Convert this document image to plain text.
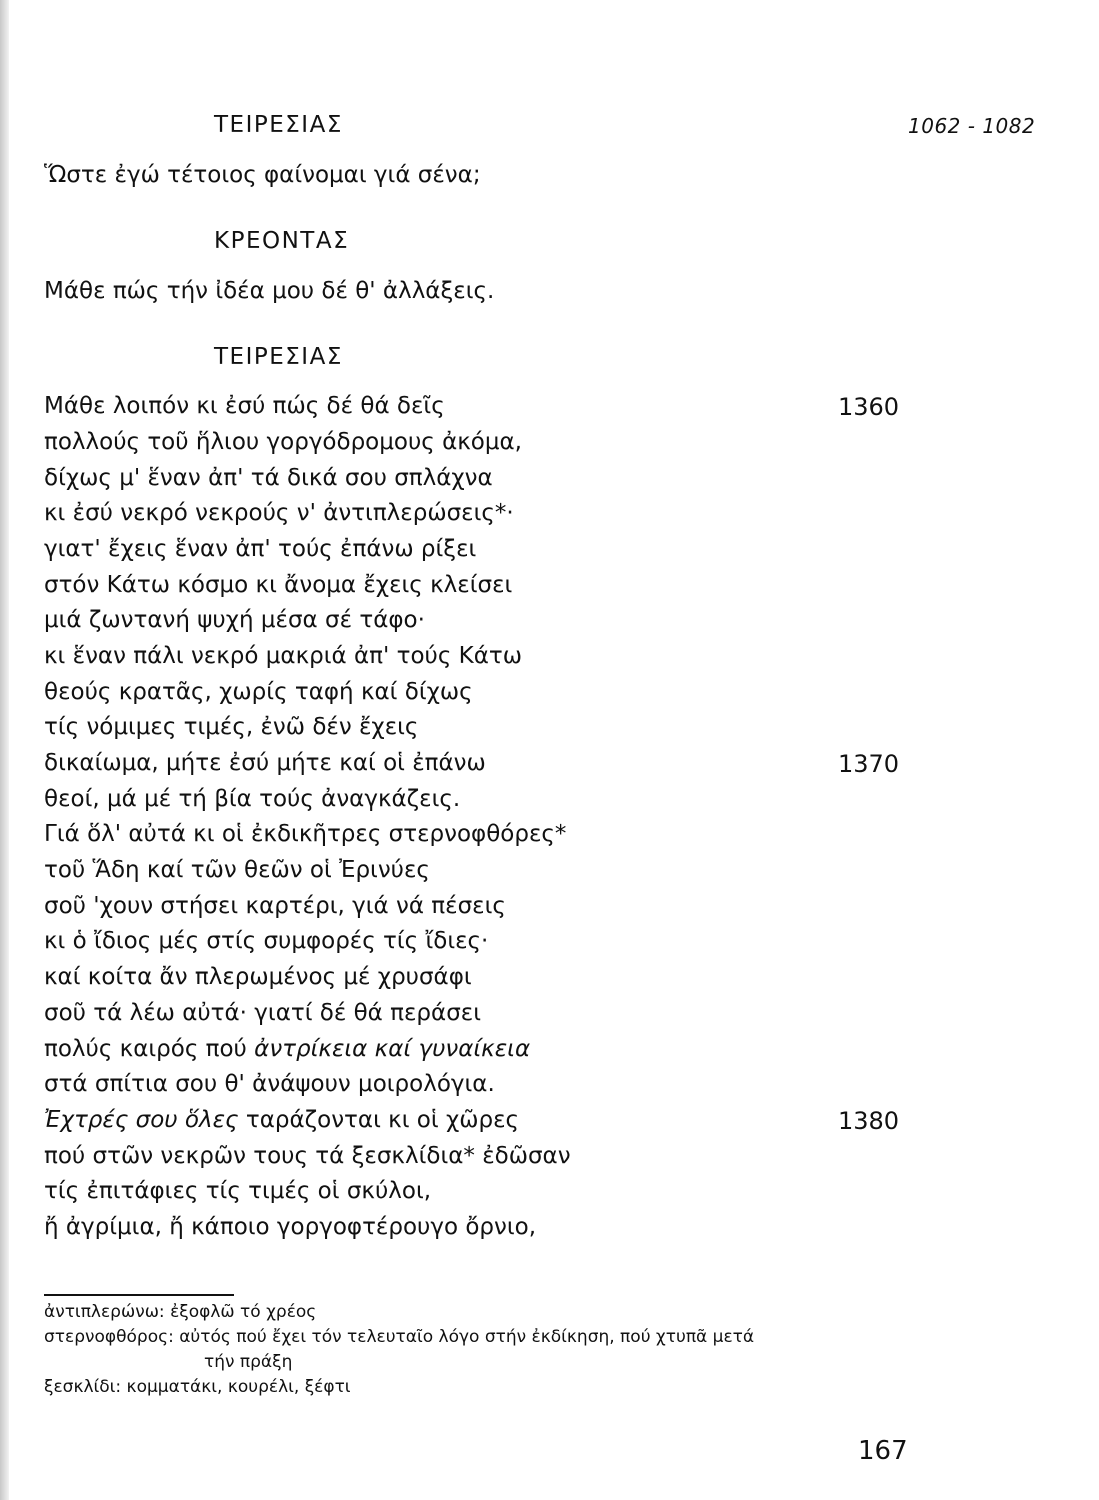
1062 - 1082
ΤΕΙΡΕΣΙΑΣ
ΚΡΕΟΝΤΑΣ
ΤΕΙΡΕΣΙΑΣ
Ὥστε ἐγώ τέτοιος φαίνομαι γιά σένα;
Μάθε πώς τήν ἰδέα μου δέ θ' ἀλλάξεις.
Μάθε λοιπόν κι ἐσύ πώς δέ θά δεῖς	1360
πολλούς τοῦ ἥλιου γοργόδρομους ἀκόμα,
δίχως μ' ἕναν ἀπ' τά δικά σου σπλάχνα
κι ἐσύ νεκρό νεκρούς ν' ἀντιπλερώσεις*·
γιατ' ἔχεις ἕναν ἀπ' τούς ἐπάνω ρίξει
στόν Κάτω κόσμο κι ἄνομα ἔχεις κλείσει
μιά ζωντανή ψυχή μέσα σέ τάφο·
κι ἕναν πάλι νεκρό μακριά ἀπ' τούς Κάτω
θεούς κρατᾶς, χωρίς ταφή καί δίχως
τίς νόμιμες τιμές, ἐνῶ δέν ἔχεις
δικαίωμα, μήτε ἐσύ μήτε καί οἱ ἐπάνω	1370
θεοί, μά μέ τή βία τούς ἀναγκάζεις.
Γιά ὅλ' αὐτά κι οἱ ἐκδικῆτρες στερνοφθόρες*
τοῦ Ἅδη καί τῶν θεῶν οἱ Ἐρινύες
σοῦ 'χουν στήσει καρτέρι, γιά νά πέσεις
κι ὁ ἴδιος μές στίς συμφορές τίς ἴδιες·
καί κοίτα ἄν πλερωμένος μέ χρυσάφι
σοῦ τά λέω αὐτά· γιατί δέ θά περάσει
πολύς καιρός πού ἀντρίκεια καί γυναίκεια
στά σπίτια σου θ' ἀνάψουν μοιρολόγια.
Ἐχτρές σου ὅλες ταράζονται κι οἱ χῶρες	1380
πού στῶν νεκρῶν τους τά ξεσκλίδια* ἐδῶσαν
τίς ἐπιτάφιες τίς τιμές οἱ σκύλοι,
ἤ ἀγρίμια, ἤ κάποιο γοργοφτέρουγο ὄρνιο,
ἀντιπλερώνω: ἐξοφλῶ τό χρέος
στερνοφθόρος: αὐτός πού ἔχει τόν τελευταῖο λόγο στήν ἐκδίκηση, πού χτυπᾶ μετά
τήν πράξη
ξεσκλίδι: κομματάκι, κουρέλι, ξέφτι
167
